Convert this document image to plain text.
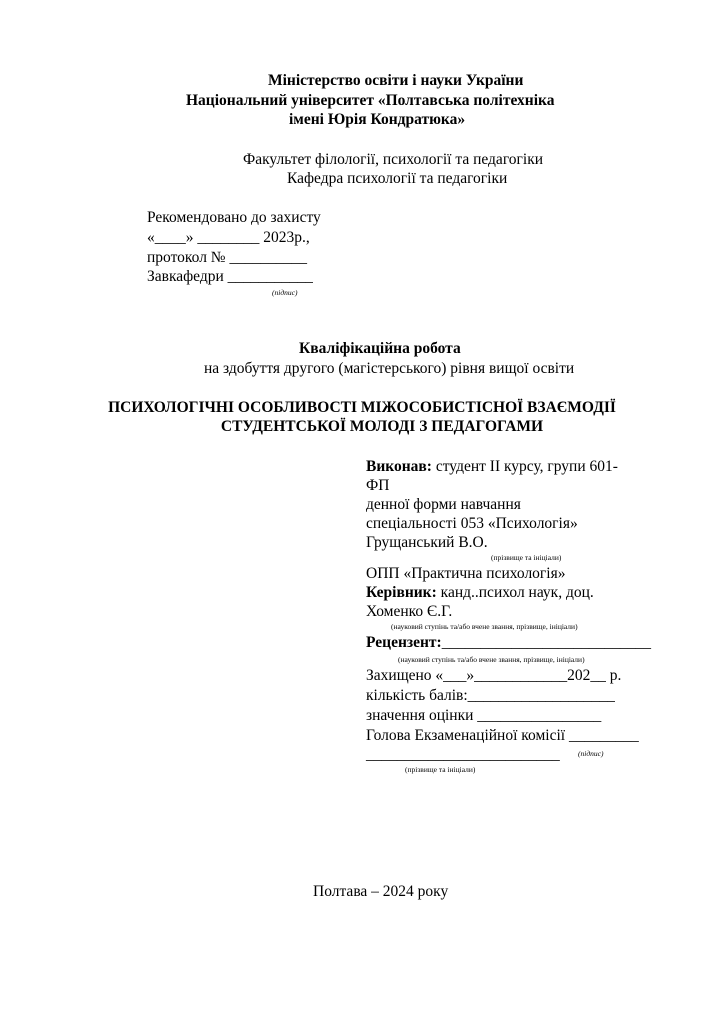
Міністерство освіти і науки України
Національний університет «Полтавська політехніка
імені Юрія Кондратюка»
Факультет філології, психології та педагогіки
Кафедра психології та педагогіки
Рекомендовано до захисту
«____» ________ 2023р.,
протокол № __________
Завкафедри ___________
(підпис)
Кваліфікаційна робота
на здобуття другого (магістерського) рівня вищої освіти
ПСИХОЛОГІЧНІ ОСОБЛИВОСТІ МІЖОСОБИСТІСНОЇ ВЗАЄМОДІЇ
СТУДЕНТСЬКОЇ МОЛОДІ З ПЕДАГОГАМИ
Виконав: студент ІІ курсу, групи 601-
ФП
денної форми навчання
спеціальності 053 «Психологія»
Грущанський В.О.
(прізвище та ініціали)
ОПП «Практична психологія»
Керівник: канд..психол наук, доц.
Хоменко Є.Г.
(науковий ступінь та/або вчене звання, прізвище, ініціали)
Рецензент:___________________________
(науковий ступінь та/або вчене звання, прізвище, ініціали)
Захищено «___»____________202__ р.
кількість балів:___________________
значення оцінки ________________
Голова Екзаменаційної комісії _________
_________________________ (підпис)
(прізвище та ініціали)
Полтава – 2024 року
